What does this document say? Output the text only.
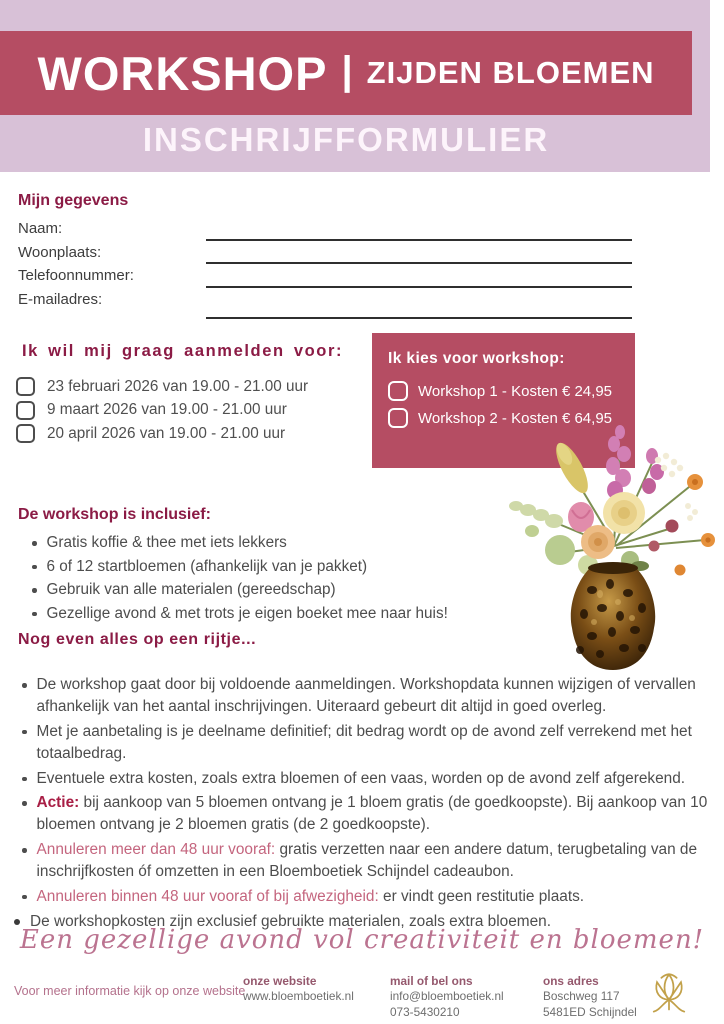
WORKSHOP | ZIJDEN BLOEMEN
INSCHRIJFFORMULIER
Mijn gegevens
Naam:
Woonplaats:
Telefoonnummer:
E-mailadres:
Ik wil mij graag aanmelden voor:
23 februari 2026 van 19.00 - 21.00 uur
9 maart 2026 van 19.00 - 21.00 uur
20 april 2026 van 19.00 - 21.00 uur
Ik kies voor workshop:
Workshop 1 - Kosten € 24,95
Workshop 2 - Kosten € 64,95
De workshop is inclusief:
Gratis koffie & thee met iets lekkers
6 of 12 startbloemen (afhankelijk van je pakket)
Gebruik van alle materialen (gereedschap)
Gezellige avond & met trots je eigen boeket mee naar huis!
Nog even alles op een rijtje...
De workshop gaat door bij voldoende aanmeldingen. Workshopdata kunnen wijzigen of vervallen afhankelijk van het aantal inschrijvingen. Uiteraard gebeurt dit altijd in goed overleg.
Met je aanbetaling is je deelname definitief; dit bedrag wordt op de avond zelf verrekend met het totaalbedrag.
Eventuele extra kosten, zoals extra bloemen of een vaas, worden op de avond zelf afgerekend.
Actie: bij aankoop van 5 bloemen ontvang je 1 bloem gratis (de goedkoopste). Bij aankoop van 10 bloemen ontvang je 2 bloemen gratis (de 2 goedkoopste).
Annuleren meer dan 48 uur vooraf: gratis verzetten naar een andere datum, terugbetaling van de inschrijfkosten óf omzetten in een Bloemboetiek Schijndel cadeaubon.
Annuleren binnen 48 uur vooraf of bij afwezigheid: er vindt geen restitutie plaats.
De workshopkosten zijn exclusief gebruikte materialen, zoals extra bloemen.
Een gezellige avond vol creativiteit en bloemen!
Voor meer informatie kijk op onze website
onze website
www.bloemboetiek.nl
mail of bel ons
info@bloemboetiek.nl
073-5430210
ons adres
Boschweg 117
5481ED Schijndel
